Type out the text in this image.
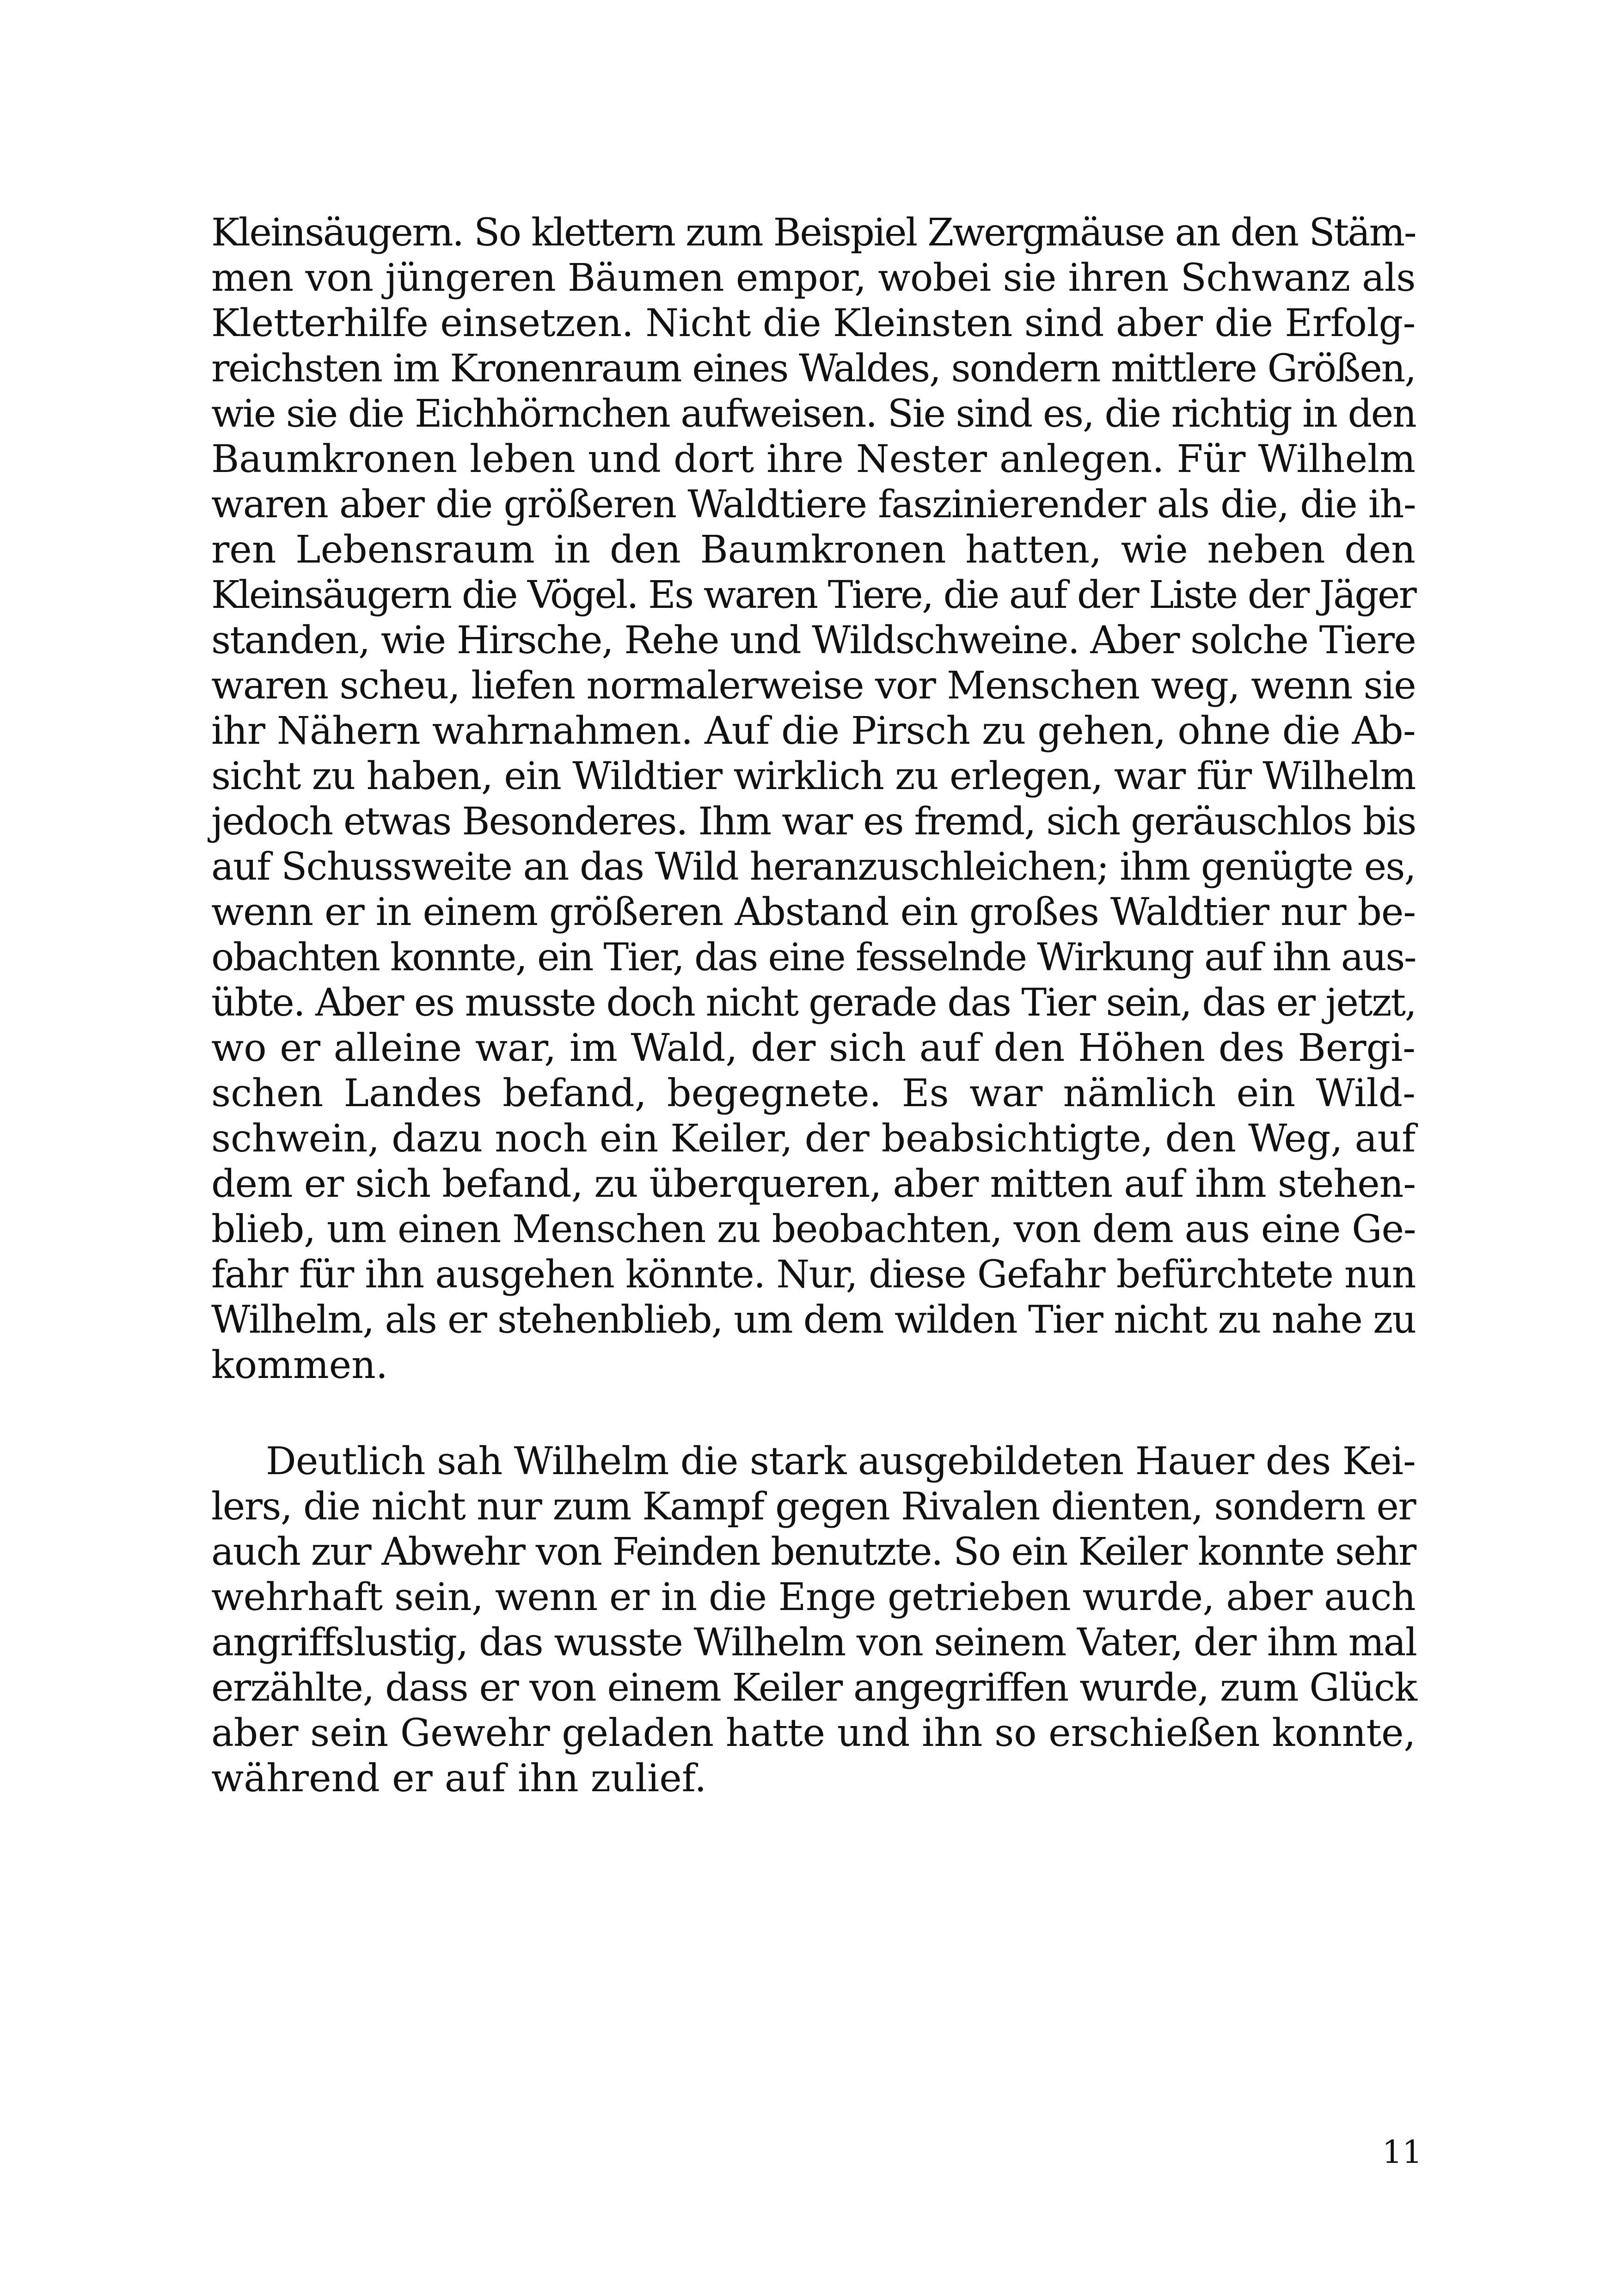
Kleinsäugern. So klettern zum Beispiel Zwergmäuse an den Stäm-
men von jüngeren Bäumen empor, wobei sie ihren Schwanz als
Kletterhilfe einsetzen. Nicht die Kleinsten sind aber die Erfolg-
reichsten im Kronenraum eines Waldes, sondern mittlere Größen,
wie sie die Eichhörnchen aufweisen. Sie sind es, die richtig in den
Baumkronen leben und dort ihre Nester anlegen. Für Wilhelm
waren aber die größeren Waldtiere faszinierender als die, die ih-
ren Lebensraum in den Baumkronen hatten, wie neben den
Kleinsäugern die Vögel. Es waren Tiere, die auf der Liste der Jäger
standen, wie Hirsche, Rehe und Wildschweine. Aber solche Tiere
waren scheu, liefen normalerweise vor Menschen weg, wenn sie
ihr Nähern wahrnahmen. Auf die Pirsch zu gehen, ohne die Ab-
sicht zu haben, ein Wildtier wirklich zu erlegen, war für Wilhelm
jedoch etwas Besonderes. Ihm war es fremd, sich geräuschlos bis
auf Schussweite an das Wild heranzuschleichen; ihm genügte es,
wenn er in einem größeren Abstand ein großes Waldtier nur be-
obachten konnte, ein Tier, das eine fesselnde Wirkung auf ihn aus-
übte. Aber es musste doch nicht gerade das Tier sein, das er jetzt,
wo er alleine war, im Wald, der sich auf den Höhen des Bergi-
schen Landes befand, begegnete. Es war nämlich ein Wild-
schwein, dazu noch ein Keiler, der beabsichtigte, den Weg, auf
dem er sich befand, zu überqueren, aber mitten auf ihm stehen-
blieb, um einen Menschen zu beobachten, von dem aus eine Ge-
fahr für ihn ausgehen könnte. Nur, diese Gefahr befürchtete nun
Wilhelm, als er stehenblieb, um dem wilden Tier nicht zu nahe zu
kommen.
Deutlich sah Wilhelm die stark ausgebildeten Hauer des Kei-
lers, die nicht nur zum Kampf gegen Rivalen dienten, sondern er
auch zur Abwehr von Feinden benutzte. So ein Keiler konnte sehr
wehrhaft sein, wenn er in die Enge getrieben wurde, aber auch
angriffslustig, das wusste Wilhelm von seinem Vater, der ihm mal
erzählte, dass er von einem Keiler angegriffen wurde, zum Glück
aber sein Gewehr geladen hatte und ihn so erschießen konnte,
während er auf ihn zulief.
11
